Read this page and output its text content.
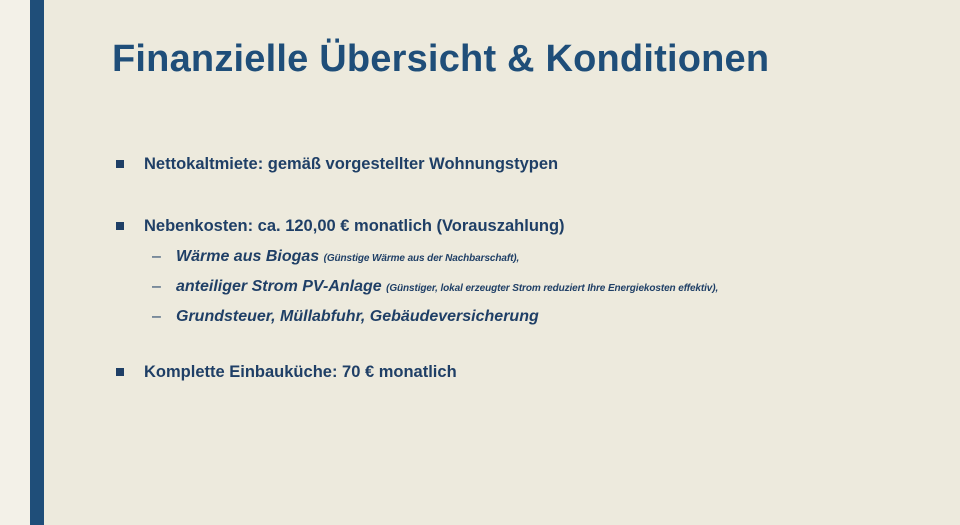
Finanzielle Übersicht & Konditionen
Nettokaltmiete: gemäß vorgestellter Wohnungstypen
Nebenkosten: ca. 120,00 € monatlich (Vorauszahlung)
– Wärme aus Biogas (Günstige Wärme aus der Nachbarschaft),
– anteiliger Strom PV-Anlage (Günstiger, lokal erzeugter Strom reduziert Ihre Energiekosten effektiv),
– Grundsteuer, Müllabfuhr, Gebäudeversicherung
Komplette Einbauküche: 70 € monatlich
